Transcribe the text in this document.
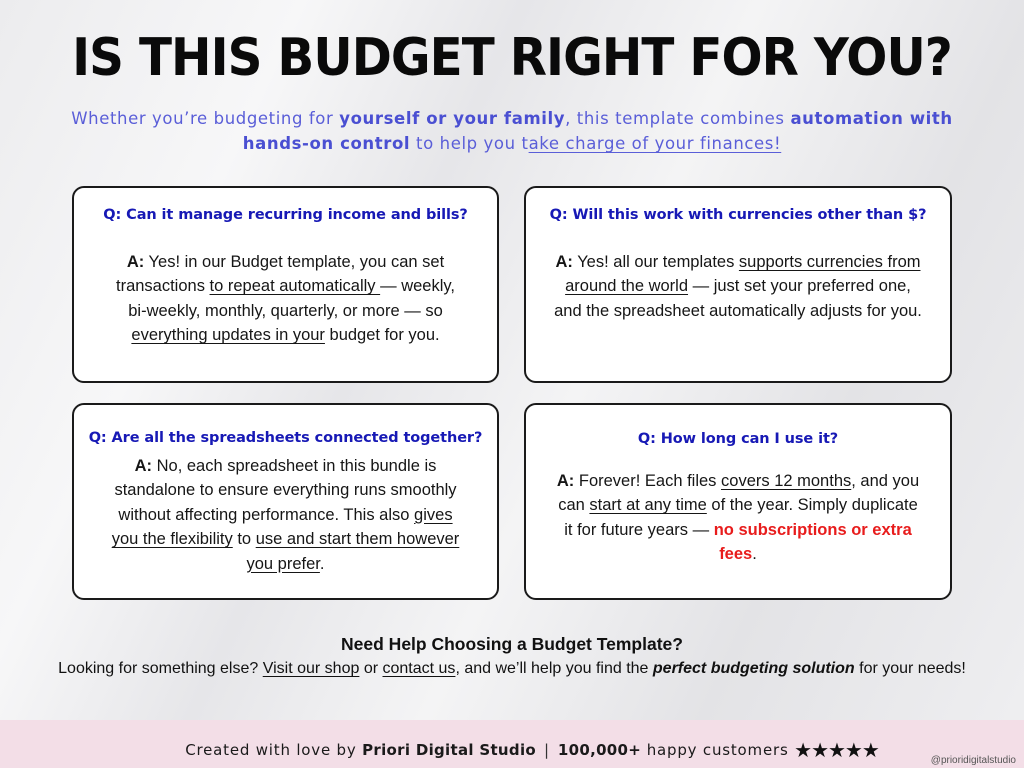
IS THIS BUDGET RIGHT FOR YOU?

Whether you’re budgeting for yourself or your family, this template combines automation with hands-on control to help you take charge of your finances!

Q: Can it manage recurring income and bills?
A: Yes! in our Budget template, you can set transactions to repeat automatically — weekly, bi-weekly, monthly, quarterly, or more — so everything updates in your budget for you.
Q: Will this work with currencies other than $?
A: Yes! all our templates supports currencies from around the world — just set your preferred one, and the spreadsheet automatically adjusts for you.
Q: Are all the spreadsheets connected together?
A: No, each spreadsheet in this bundle is standalone to ensure everything runs smoothly without affecting performance. This also gives you the flexibility to use and start them however you prefer.
Q: How long can I use it?
A: Forever! Each files covers 12 months, and you can start at any time of the year. Simply duplicate it for future years — no subscriptions or extra fees.
Need Help Choosing a Budget Template?
Looking for something else? Visit our shop or contact us, and we’ll help you find the perfect budgeting solution for your needs!
Created with love by Priori Digital Studio | 100,000+ happy customers ★★★★★	@prioridigitalstudio
